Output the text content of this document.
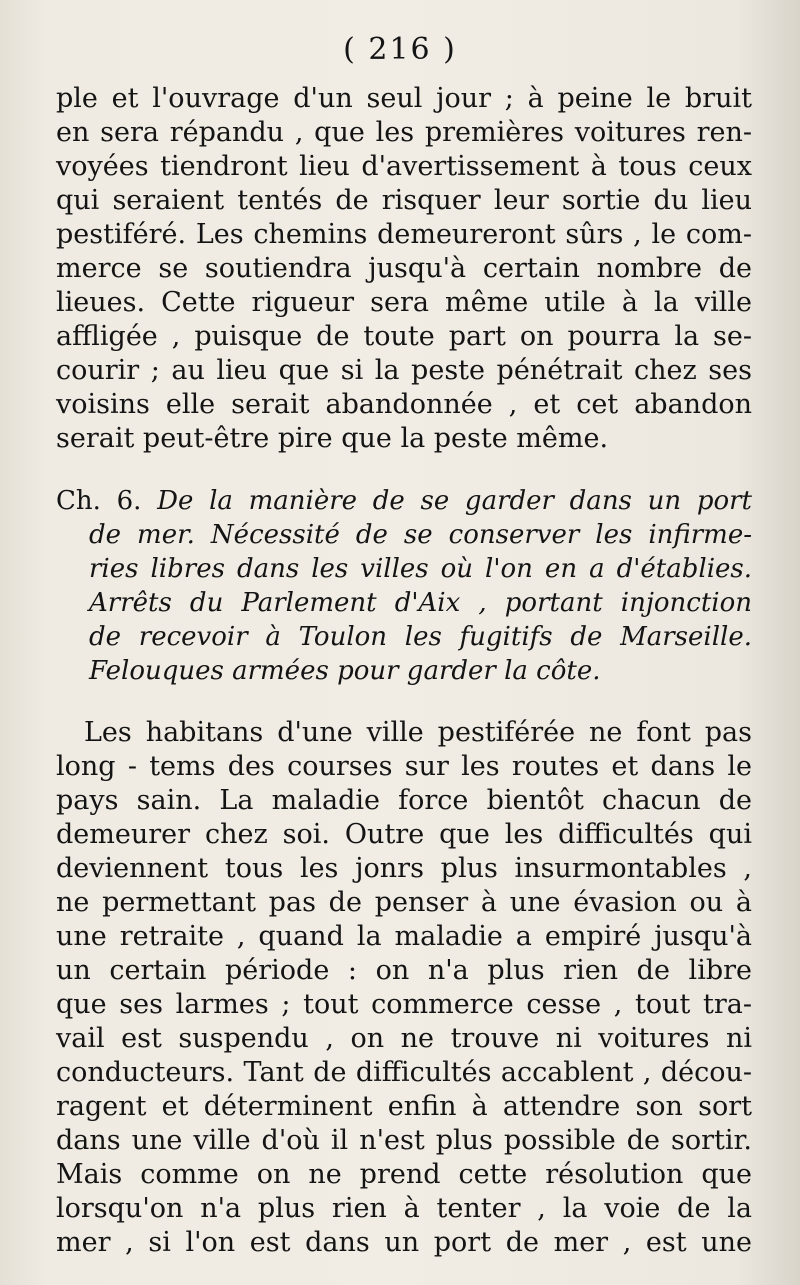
( 216 )
ple et l'ouvrage d'un seul jour ; à peine le bruit
en sera répandu , que les premières voitures ren-
voyées tiendront lieu d'avertissement à tous ceux
qui seraient tentés de risquer leur sortie du lieu
pestiféré. Les chemins demeureront sûrs , le com-
merce se soutiendra jusqu'à certain nombre de
lieues. Cette rigueur sera même utile à la ville
affligée , puisque de toute part on pourra la se-
courir ; au lieu que si la peste pénétrait chez ses
voisins elle serait abandonnée , et cet abandon
serait peut-être pire que la peste même.
Ch. 6. De la manière de se garder dans un port
de mer. Nécessité de se conserver les infirme-
ries libres dans les villes où l'on en a d'établies.
Arrêts du Parlement d'Aix , portant injonction
de recevoir à Toulon les fugitifs de Marseille.
Felouques armées pour garder la côte.
Les habitans d'une ville pestiférée ne font pas
long - tems des courses sur les routes et dans le
pays sain. La maladie force bientôt chacun de
demeurer chez soi. Outre que les difficultés qui
deviennent tous les jonrs plus insurmontables ,
ne permettant pas de penser à une évasion ou à
une retraite , quand la maladie a empiré jusqu'à
un certain période : on n'a plus rien de libre
que ses larmes ; tout commerce cesse , tout tra-
vail est suspendu , on ne trouve ni voitures ni
conducteurs. Tant de difficultés accablent , décou-
ragent et déterminent enfin à attendre son sort
dans une ville d'où il n'est plus possible de sortir.
Mais comme on ne prend cette résolution que
lorsqu'on n'a plus rien à tenter , la voie de la
mer , si l'on est dans un port de mer , est une
